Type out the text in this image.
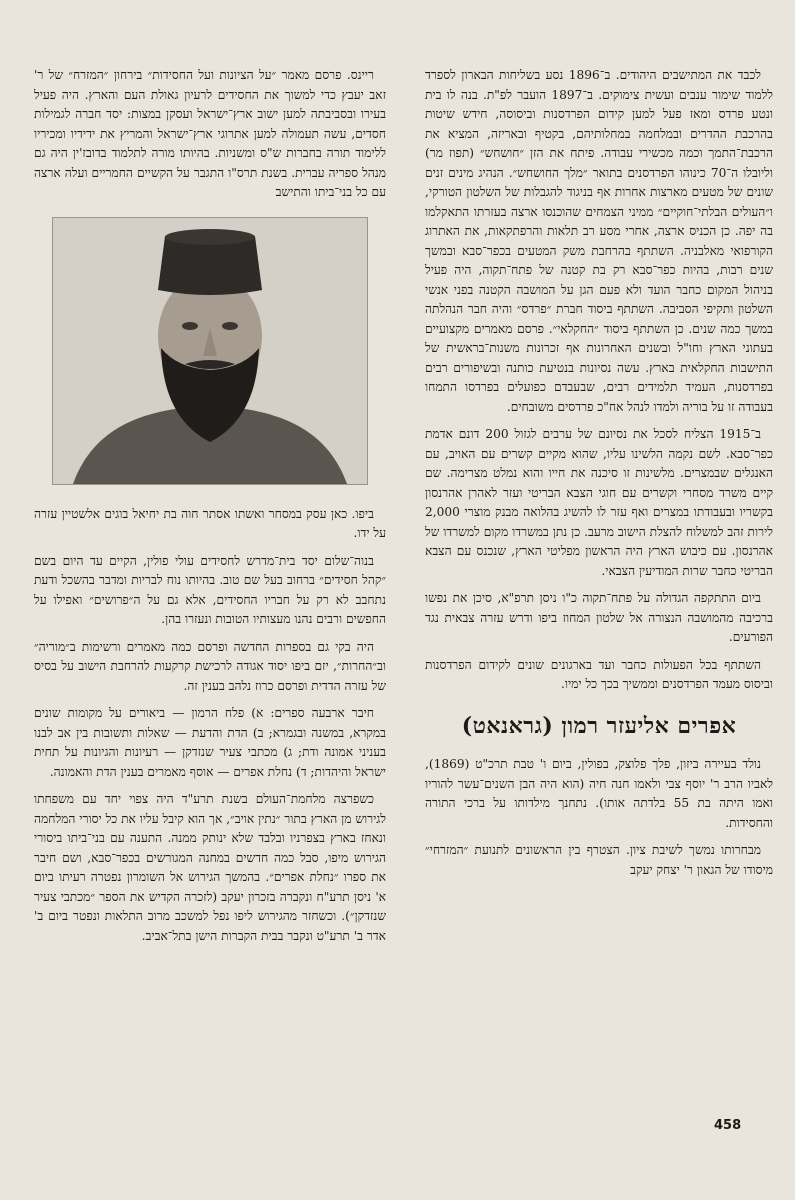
לכבד את המתישבים היהודים. ב־1896 נסע בשליחות הבארון לספרד ללמוד שימור ענבים ועשית צימוקים. ב־1897 הועבר לפ"ת. בנה לו בית ונטע פרדס ומאז פעל למען קידום הפרדסנות וביסוסה, חידש שיטות בהרכבת ההדרים ובמלחמה במחלותיהם, בקטיף ובאריזה, המציא את הרכבת־התמך וכמה מכשירי עבודה. פיתח את הזן ״חושחש״ (תפוז מר) וליובלו ה־70 כינוהו הפרדסנים בתואר ״מלך החושחש״. הנהיג מינים זנים שונים של מטעים מארצות אחרות אף בניגוד להגבלות של השלטון הטורקי, ו״העולים הבלתי־חוקיים״ ממיני הצמחים שהוכנסו ארצה בעזרתו התאקלמו בה יפה. כן הכניס ארצה, אחרי מסע רב תלאות והרפתקאות, את האתרוג הקורפואי מאלבניה. השתתף בהרחבת משק המטעים בכפר־סבא ובמשך שנים רבות, בהיות כפר־סבא רק בת קטנה של פתח־תקוה, היה פעיל בניהול המקום כחבר הועד ולא פעם הגן על המושבה הקטנה בפני אנשי השלטון ותקיפי הסביבה. השתתף ביסוד חברת ״פרדס״ והיה חבר הנהלתה במשך כמה שנים. כן השתתף ביסוד ״החקלאי״. פרסם מאמרים מקצועיים בעתוני הארץ וחו"ל ובשנים האחרונות אף זכרונות משנות־בראשית של התישבות החקלאית בארץ. עשה נסיונות בנטיעת כותנה ובשיפורים רבים בפרדסנות, העמיד תלמידים רבים, שבעבדם כפועלים בפרדסו התמחו בעבודה זו על בוריה ולמדו לנהל אח"כ פרדסים משובחים.

ב־1915 הצליח לסכל את נסיונם של ערבים לגזול 200 דונם אדמת כפר־סבא. לשם נקמה הלשינו עליו, שהוא מקיים קשרים עם האויב, עם האנגלים שבמצרים. מלשינות זו סיכנה את חייו והוא נמלט מצרימה. שם קיים משרד מסחרי וקשרים עם חוגי הצבא הבריטי ועזר לאהרן אהרנסון בקשריו ובעבודתו במצרים ואף עזר לו להשיג בהלואה מבנק מוצרי 2,000 לירות זהב למשלוח להצלת הישוב מרעב. כן נתן במשרדו מקום למשרדו של אהרנסון. עם כיבוש הארץ היה הראשון מפליטי הארץ, שנכנס עם הצבא הבריטי כחבר שרות המודיעין הצבאי.

ביום התתקפה הגדולה על פתח־תקוה כ"ו ניסן תרפ"א, סיכן את נפשו ברכיבה מהמושבה הנצורה אל שלטון המחוז ביפו ודרש עזרה צבאית נגד הפורעים.

השתתף בכל הפעולות כחבר ועד בארגונים שונים לקידום הפרדסנות וביסוס מעמד הפרדסנים וממשיך בכך כל ימיו.

אפרים אליעזר רמון (גראנאט)

נולד בעיירה ביזון, פלך פלוצק, בפולין, ביום ו' טבת תרכ"ט (1869), לאביו הרב ר' יוסף צבי ולאמו חנה חיה (הוא היה הבן השנים־עשר להוריו ואמו היתה בת 55 בלדתה אותו). נתחנך מילדותו על ברכי התורה והחסידות.

מבחרותו נמשך לשיבת ציון. הצטרף בין הראשונים לתנועת ״המזרחי״ מיסודו של הגאון ר' יצחק יעקב

ריינס. פרסם מאמר ״על הציונות ועל החסידות״ בירחון ״המזרח״ של ר' זאב יעבץ כדי למשוך את החסידים לרעיון גאולת העם והארץ. היה פעיל בעירו ובסביבתה למען ישוב ארץ־ישראל ועסקן במצות: יסד חברה לגמילות חסדים, עשה תעמולה למען אתרוגי ארץ־ישראל והמריץ את ידידיו ומכיריו ללימוד תורה בחברות ש"ס ומשניות. בהיותו מורה לתלמוד בדובז'ין היה גם מנהל ספריה עברית. בשנת תרס"ו התגבר על הקשיים החמריים ועלה ארצה עם כל בני־ביתו והתישב

ביפו. כאן עסק במסחר ואשתו אסתר חוה בת יחיאל בוגים אלשטיין עזרה על ידו.

בנוה־שלום יסד בית־מדרש לחסידים עולי פולין, הקיים עד היום בשם ״קהל חסידים״ ברחוב בעל שם טוב. בהיותו נוח לבריות ומדבר בהשכל ודעת נתחבב לא רק על חבריו החסידים, אלא גם על ה״פרושים״ ואפילו על החפשים ורבים נהנו מעצותיו הטובות ונעזרו בהן.

היה בקי גם בספרות החדשה ופרסם כמה מאמרים ורשימות ב״מוריה״ וב״החרות״, יזם ביפו יסוד אגודה לרכישת קרקעות להרחבת הישוב על בסיס של עזרה הדדית ופרסם כרוז נלהב בענין זה.

חיבר ארבעה ספרים: א) פלח הרמון — ביאורים על מקומות שונים במקרא, במשנה ובגמרא; ב) הדת והדעת — שאלות ותשובות בין אב לבנו בעניני אמונה ודת; ג) מכתבי צעיר שנזדקן — רעיונות והגיונות על תחית ישראל והיהדות; ד) נחלת אפרים — אוסף מאמרים בענין הדת והאמונה.

כשפרצה מלחמת־העולם בשנת תרע"ד היה צפוי יחד עם משפחתו לגירוש מן הארץ בתור ״נתין אויב״, אך הוא קיבל עליו את כל יסורי המלחמה ונאחז בארץ בצפרניו ובלבד שלא ינותק ממנה. התענה עם בני־ביתו ביסורי הגירוש מיפו, סבל כמה חדשים במחנה המגורשים בכפר־סבא, ושם חיבר את ספרו ״נחלת אפרים״. בהמשך הגירוש אל השומרון נפטרה רעיתו ביום א' ניסן תרע"ח ונקברה בזכרון יעקב (לזכרה הקדיש את הספר ״מכתבי צעיר שנזדקן״). וכשחזר מהגירוש ליפו נפל למשכב מרוב התלאות ונפטר ביום ב' אדר ב' תרע"ט ונקבר בבית הקברות הישן בתל־אביב.

458
